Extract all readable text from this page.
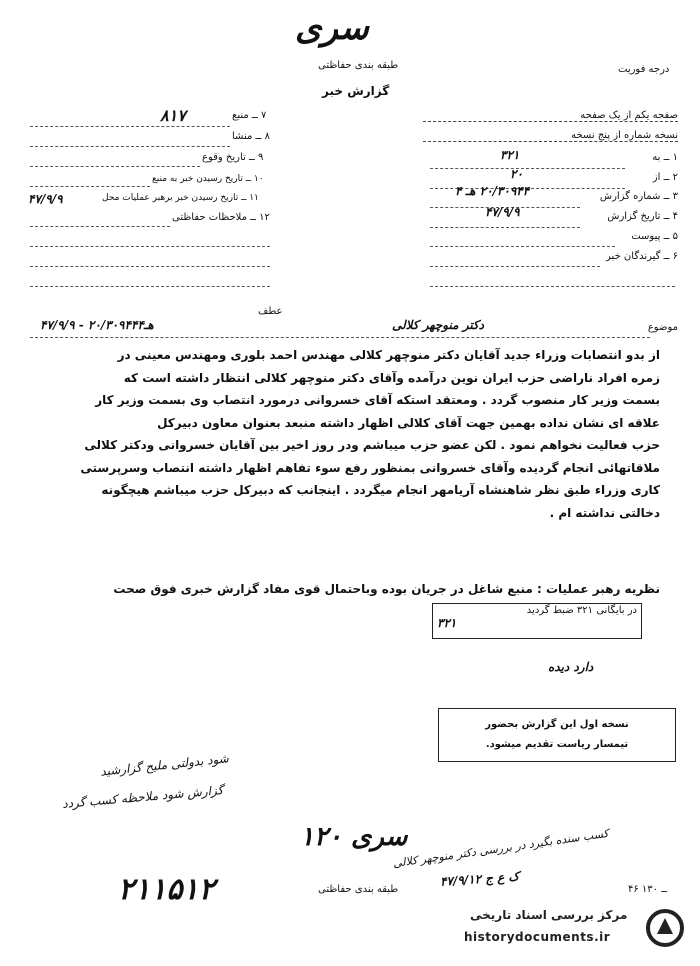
سری
طبقه بندی حفاظتی
گزارش خبر
درجه فوریت
صفحه یکم از یک صفحه
نسخه شماره از پنج نسخه
۱ ــ به
۳۲۱
۲ ــ از
۲۰
۳ ــ شماره گزارش
۲۰/۳۰۹۴۴ هـ ۴
۴ ــ تاریخ گزارش
۴۷/۹/۹
۵ ــ پیوست
۶ ــ گیرندگان خبر
۷ ــ منبع
۸۱۷
۸ ــ منشا
۹ ــ تاریخ وقوع
۱۰ ــ تاریخ رسیدن خبر به منبع
۱۱ ــ تاریخ رسیدن خبر برهبر عملیات محل
۴۷/۹/۹
۱۲ ــ ملاحظات حفاظتی
عطف
موضوع
دکتر منوچهر کلالی
۴۷/۹/۹ - ۲۰/۳۰۹۴۴هـ۴
از بدو انتصابات وزراء جدید آقایان دکتر منوچهر کلالی مهندس احمد بلوری ومهندس معینی در
زمره افراد ناراضی حزب ایران نوین درآمده وآقای دکتر منوچهر کلالی انتظار داشته است که
بسمت وزیر کار منصوب گردد . ومعتقد استکه آقای خسروانی درمورد انتصاب وی بسمت وزیر کار
علاقه ای نشان نداده بهمین جهت آقای کلالی اظهار داشته منبعد بعنوان معاون دبیرکل
حزب فعالیت نخواهم نمود . لکن عضو حزب میباشم ودر روز اخیر بین آقایان خسروانی ودکتر کلالی
ملاقاتهائی انجام گردیده وآقای خسروانی بمنظور رفع سوء تفاهم اظهار داشته انتصاب وسرپرستی
کاری وزراء طبق نظر شاهنشاه آریامهر انجام میگردد . اینجانب که دبیرکل حزب میباشم هیچگونه
دخالتی نداشته ام .
نظریه رهبر عملیات : منبع شاغل در جریان بوده وباحتمال قوی مفاد گزارش خبری فوق صحت
در بایگانی ۳۲۱ ضبط گردید
۳۲۱
دارد دیده
نسخه اول این گزارش بحضور
تیمسار ریاست تقدیم میشود.
شود بدولتی ملیح گزارشید
گزارش شود ملاحظه کسب گردد
۱۲۰ سری
طبقه بندی حفاظتی
کسب سنده بگیرد در بررسی دکتر منوچهر کلالی
ک ع ج ۴۷/۹/۱۲
۲۱۱۵۱۲	۴۶ ــ ۱۳۰
مرکز بررسی اسناد تاریخی
historydocuments.ir
